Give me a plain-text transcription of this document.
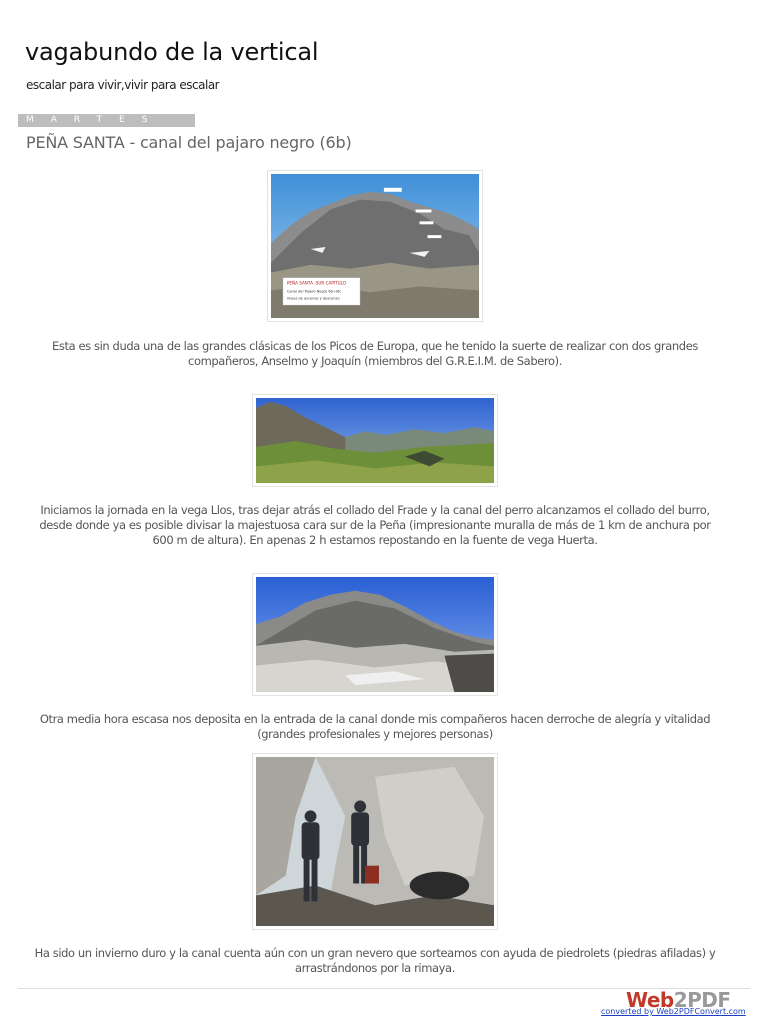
vagabundo de la vertical

escalar para vivir,vivir para escalar

MARTES
PEÑA SANTA - canal del pajaro negro (6b)
PEÑA SANTA -SUR CAPITULO
Canal del Pajaro Negro 6b+/6c
lineas de ascenso y descenso

Esta es sin duda una de las grandes clásicas de los Picos de Europa, que he tenido la suerte de realizar con dos grandes compañeros, Anselmo y Joaquín (miembros del G.R.E.I.M. de Sabero).

Iniciamos la jornada en la vega Llos, tras dejar atrás el collado del Frade y la canal del perro alcanzamos el collado del burro, desde donde ya es posible divisar la majestuosa cara sur de la Peña (impresionante muralla de más de 1 km de anchura por 600 m de altura). En apenas 2 h estamos repostando en la fuente de vega Huerta.

Otra media hora escasa nos deposita en la entrada de la canal donde mis compañeros hacen derroche de alegría y vitalidad (grandes profesionales y mejores personas)

Ha sido un invierno duro y la canal cuenta aún con un gran nevero que sorteamos con ayuda de piedrolets (piedras afiladas) y arrastrándonos por la rimaya.

Web2PDF
converted by Web2PDFConvert.com
